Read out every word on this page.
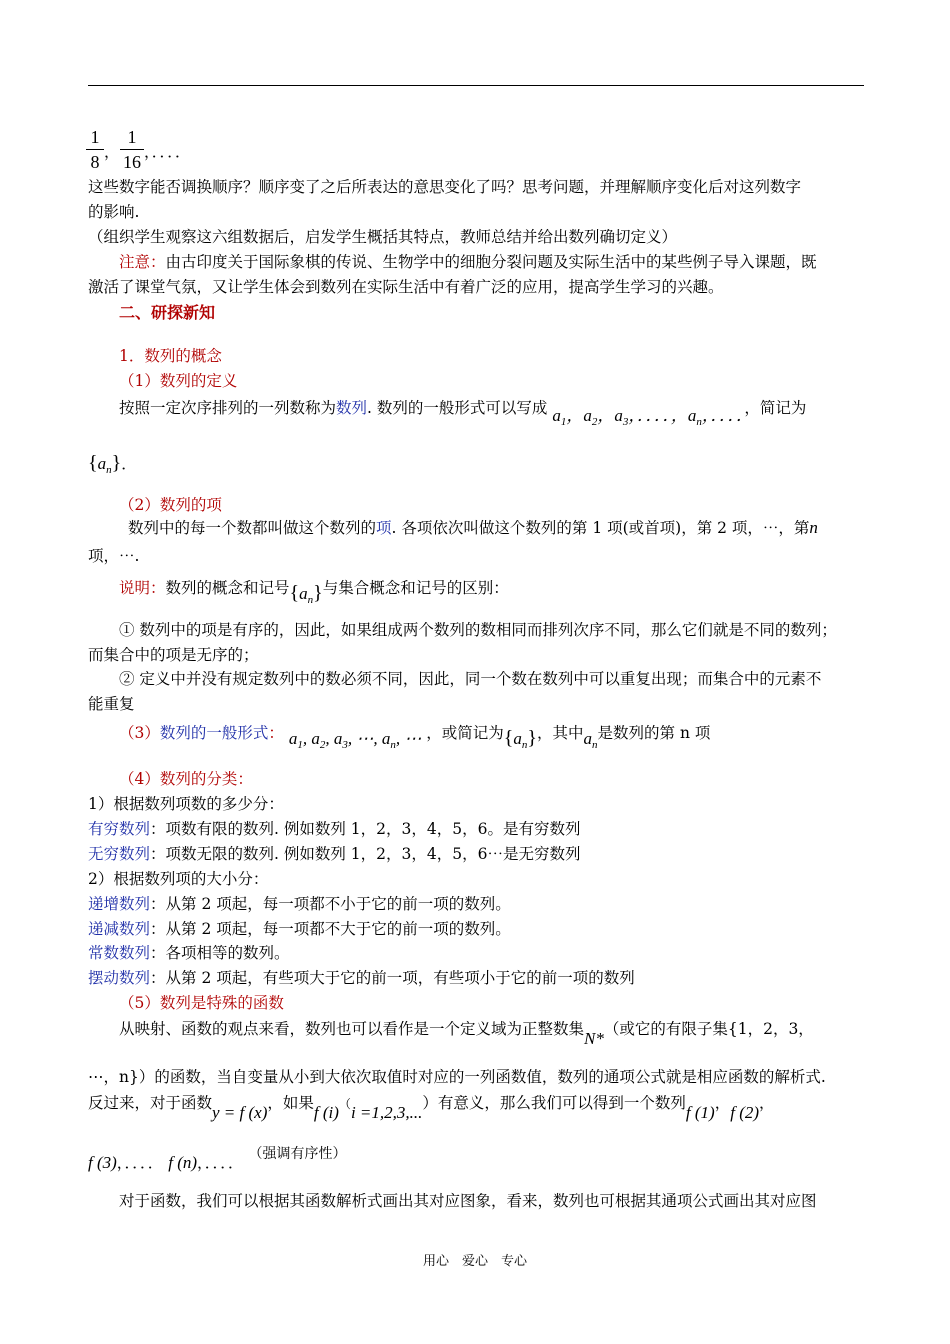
1
8 ，
1
16 ，．．．．
这些数字能否调换顺序？顺序变了之后所表达的意思变化了吗？思考问题，并理解顺序变化后对这列数字
的影响.
（组织学生观察这六组数据后，启发学生概括其特点，教师总结并给出数列确切定义）
注意：由古印度关于国际象棋的传说、生物学中的细胞分裂问题及实际生活中的某些例子导入课题，既
激活了课堂气氛，又让学生体会到数列在实际生活中有着广泛的应用，提高学生学习的兴趣。
二、研探新知
1．数列的概念
（1）数列的定义
按照一定次序排列的一列数称为数列. 数列的一般形式可以写成 $a_1$，$a_2$，$a_3$，．．．．，$a_n$，．．．．，简记为
$\{a_n\}$．
（2）数列的项
数列中的每一个数都叫做这个数列的项. 各项依次叫做这个数列的第 1 项(或首项)，第 2 项，⋯，第n
项，⋯.
说明：数列的概念和记号$\{a_n\}$与集合概念和记号的区别：
① 数列中的项是有序的，因此，如果组成两个数列的数相同而排列次序不同，那么它们就是不同的数列；
而集合中的项是无序的；
② 定义中并没有规定数列中的数必须不同，因此，同一个数在数列中可以重复出现；而集合中的元素不
能重复
（3）数列的一般形式： $a_1$, $a_2$, $a_3$, ⋯, $a_n$, ⋯ ，或简记为$\{a_n\}$，其中$a_n$是数列的第 n 项
（4）数列的分类：
1）根据数列项数的多少分：
有穷数列：项数有限的数列. 例如数列 1，2，3，4，5，6。是有穷数列
无穷数列：项数无限的数列. 例如数列 1，2，3，4，5，6⋯是无穷数列
2）根据数列项的大小分：
递增数列：从第 2 项起，每一项都不小于它的前一项的数列。
递减数列：从第 2 项起，每一项都不大于它的前一项的数列。
常数数列：各项相等的数列。
摆动数列：从第 2 项起，有些项大于它的前一项，有些项小于它的前一项的数列
（5）数列是特殊的函数
从映射、函数的观点来看，数列也可以看作是一个定义域为正整数集N*（或它的有限子集{1，2，3，
⋯，n}）的函数，当自变量从小到大依次取值时对应的一列函数值，数列的通项公式就是相应函数的解析式.
反过来，对于函数y = f (x)，如果f (i)（i =1,2,3,...）有意义，那么我们可以得到一个数列f (1)，f (2)，
f (3)，．．．． f (n)，．．．． （强调有序性）
对于函数，我们可以根据其函数解析式画出其对应图象，看来，数列也可根据其通项公式画出其对应图
用心　爱心　专心
